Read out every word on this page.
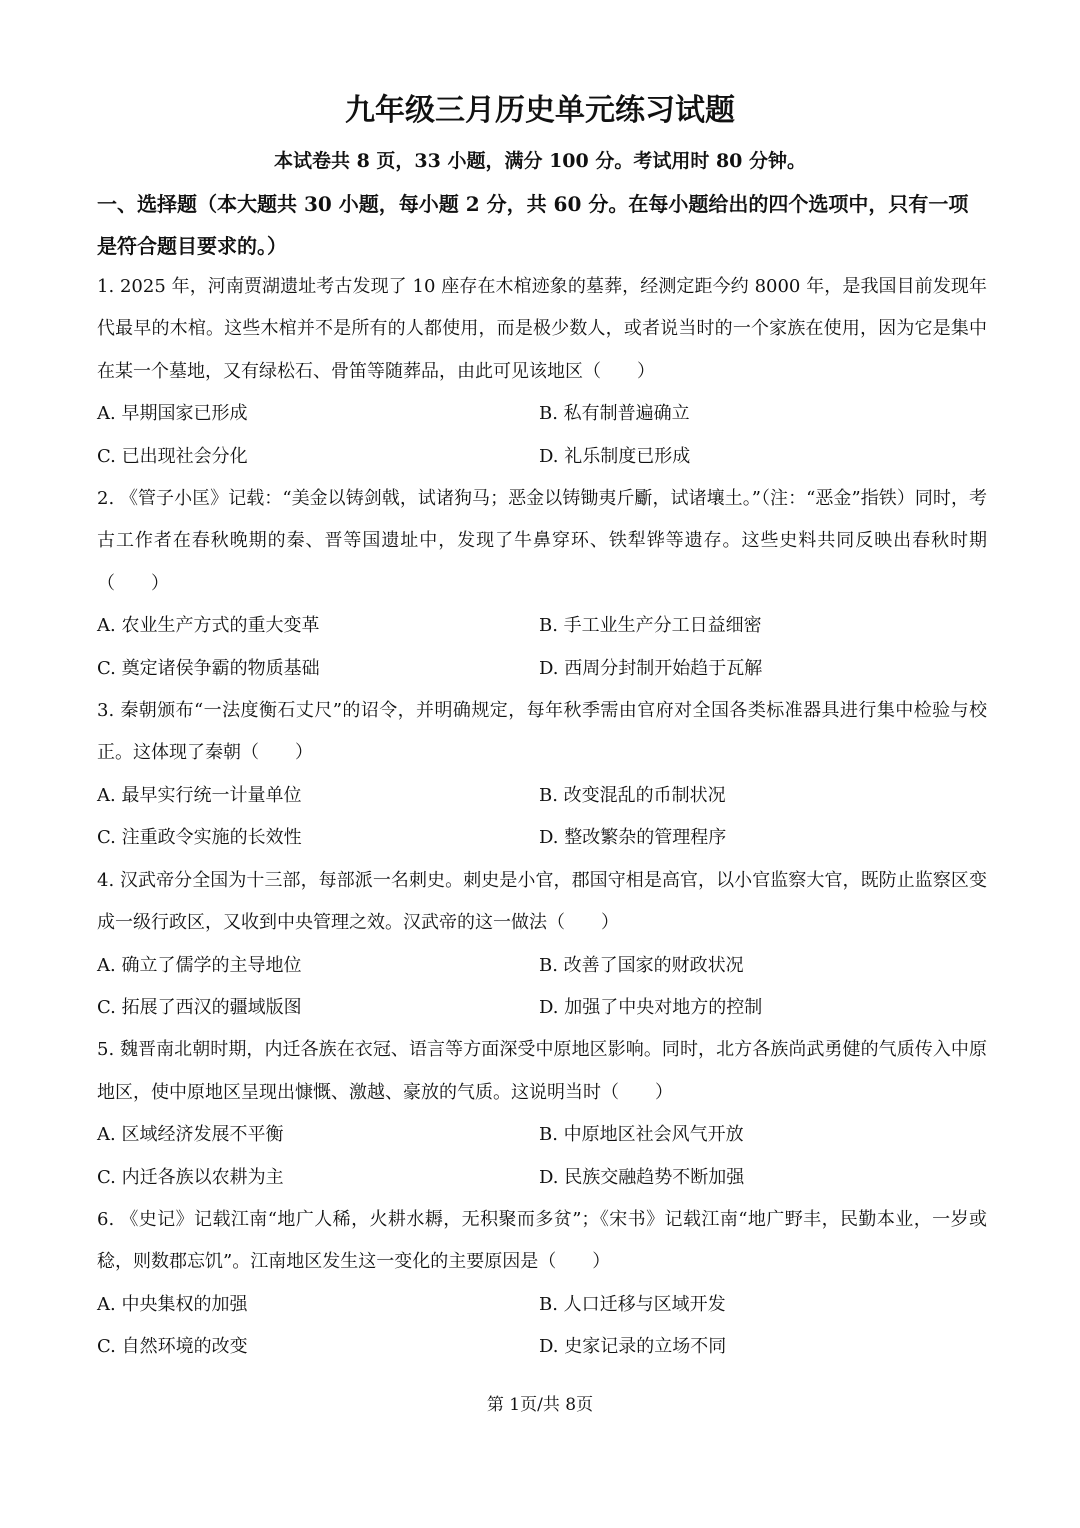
九年级三月历史单元练习试题
本试卷共 8 页，33 小题，满分 100 分。考试用时 80 分钟。
一、选择题（本大题共 30 小题，每小题 2 分，共 60 分。在每小题给出的四个选项中，只有一项是符合题目要求的。）

1. 2025 年，河南贾湖遗址考古发现了 10 座存在木棺迹象的墓葬，经测定距今约 8000 年，是我国目前发现年代最早的木棺。这些木棺并不是所有的人都使用，而是极少数人，或者说当时的一个家族在使用，因为它是集中在某一个墓地，又有绿松石、骨笛等随葬品，由此可见该地区（　　）

A. 早期国家已形成	B. 私有制普遍确立
C. 已出现社会分化	D. 礼乐制度已形成

2. 《管子小匡》记载：“美金以铸剑戟，试诸狗马；恶金以铸锄夷斤斸，试诸壤土。”（注：“恶金”指铁）同时，考古工作者在春秋晚期的秦、晋等国遗址中，发现了牛鼻穿环、铁犁铧等遗存。这些史料共同反映出春秋时期（　　）

A. 农业生产方式的重大变革	B. 手工业生产分工日益细密
C. 奠定诸侯争霸的物质基础	D. 西周分封制开始趋于瓦解

3. 秦朝颁布“一法度衡石丈尺”的诏令，并明确规定，每年秋季需由官府对全国各类标准器具进行集中检验与校正。这体现了秦朝（　　）

A. 最早实行统一计量单位	B. 改变混乱的币制状况
C. 注重政令实施的长效性	D. 整改繁杂的管理程序

4. 汉武帝分全国为十三部，每部派一名刺史。刺史是小官，郡国守相是高官，以小官监察大官，既防止监察区变成一级行政区，又收到中央管理之效。汉武帝的这一做法（　　）

A. 确立了儒学的主导地位	B. 改善了国家的财政状况
C. 拓展了西汉的疆域版图	D. 加强了中央对地方的控制

5. 魏晋南北朝时期，内迁各族在衣冠、语言等方面深受中原地区影响。同时，北方各族尚武勇健的气质传入中原地区，使中原地区呈现出慷慨、激越、豪放的气质。这说明当时（　　）

A. 区域经济发展不平衡	B. 中原地区社会风气开放
C. 内迁各族以农耕为主	D. 民族交融趋势不断加强

6. 《史记》记载江南“地广人稀，火耕水耨，无积聚而多贫”；《宋书》记载江南“地广野丰，民勤本业，一岁或稔，则数郡忘饥”。江南地区发生这一变化的主要原因是（　　）

A. 中央集权的加强	B. 人口迁移与区域开发
C. 自然环境的改变	D. 史家记录的立场不同
第 1页/共 8页
